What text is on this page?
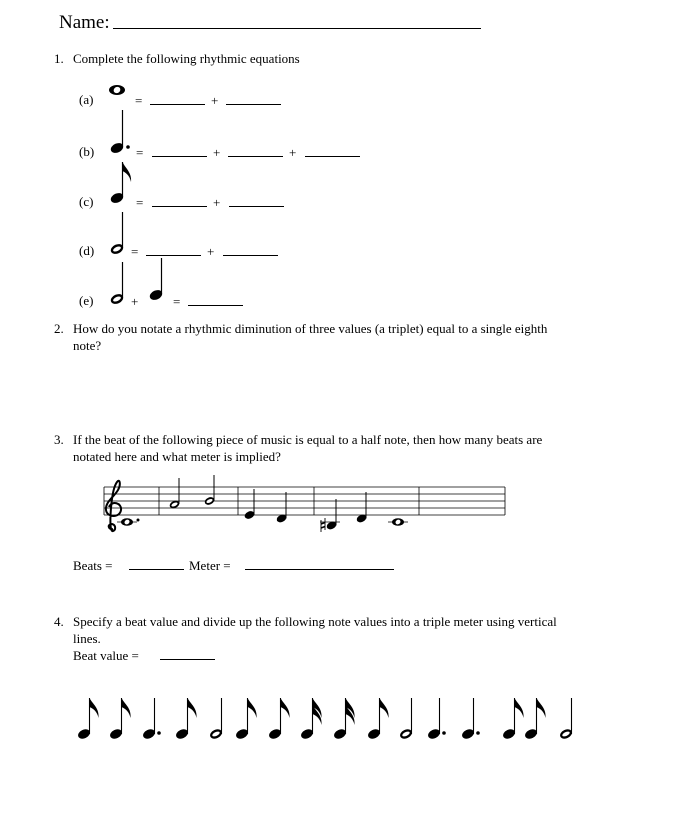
Name:
1. Complete the following rhythmic equations
(a)	=	+
(b)	=	+	+
(c)	=	+
(d)	=	+
(e)	+	=
2. How do you notate a rhythmic diminution of three values (a triplet) equal to a single eighth
note?
3. If the beat of the following piece of music is equal to a half note, then how many beats are
notated here and what meter is implied?
Beats =	Meter =
4. Specify a beat value and divide up the following note values into a triple meter using vertical
lines.
Beat value =
